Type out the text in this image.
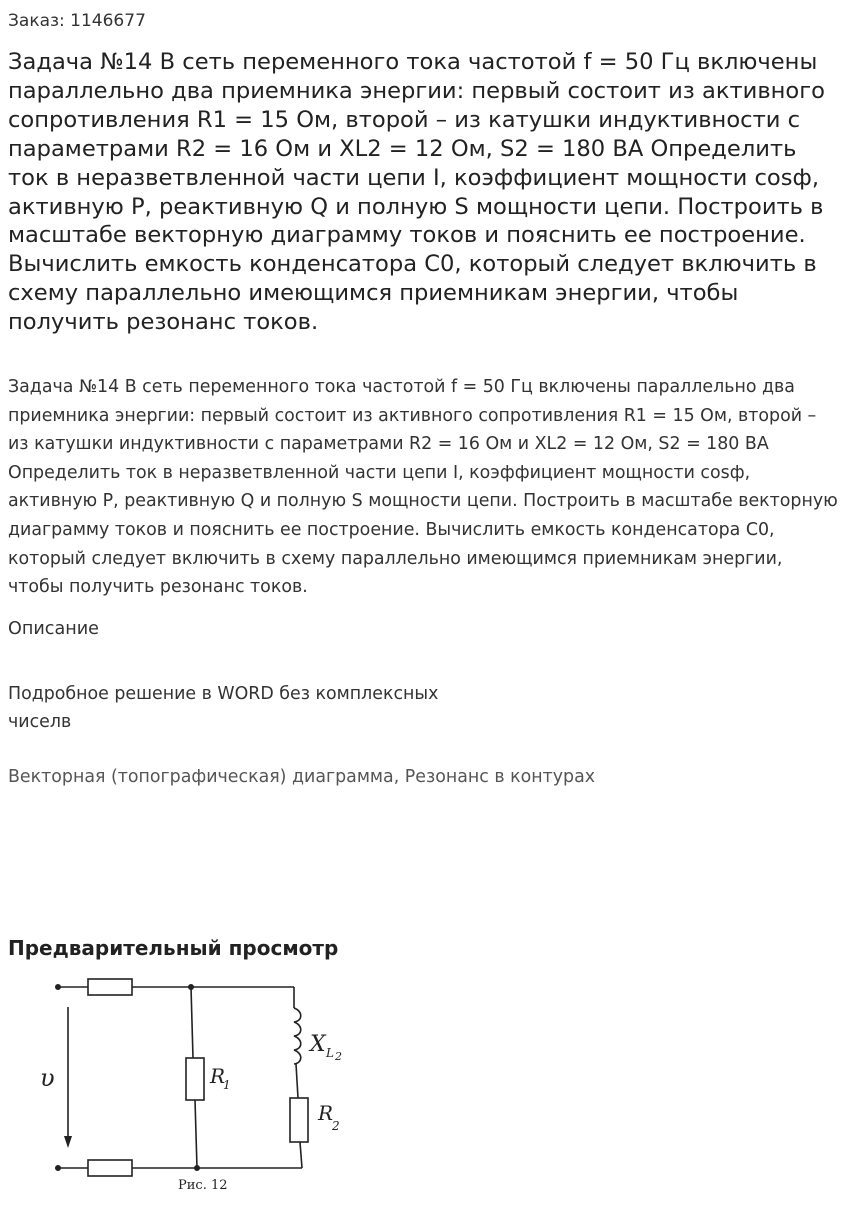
Заказ: 1146677
Задача №14 В сеть переменного тока частотой f = 50 Гц включены параллельно два приемника энергии: первый состоит из активного сопротивления R1 = 15 Ом, второй – из катушки индуктивности с параметрами R2 = 16 Ом и XL2 = 12 Ом, S2 = 180 ВА Определить ток в неразветвленной части цепи I, коэффициент мощности cosф, активную P, реактивную Q и полную S мощности цепи. Построить в масштабе векторную диаграмму токов и пояснить ее построение. Вычислить емкость конденсатора C0, который следует включить в схему параллельно имеющимся приемникам энергии, чтобы получить резонанс токов.

Задача №14 В сеть переменного тока частотой f = 50 Гц включены параллельно два приемника энергии: первый состоит из активного сопротивления R1 = 15 Ом, второй – из катушки индуктивности с параметрами R2 = 16 Ом и XL2 = 12 Ом, S2 = 180 ВА Определить ток в неразветвленной части цепи I, коэффициент мощности cosф, активную P, реактивную Q и полную S мощности цепи. Построить в масштабе векторную диаграмму токов и пояснить ее построение. Вычислить емкость конденсатора C0, который следует включить в схему параллельно имеющимся приемникам энергии, чтобы получить резонанс токов.

Описание

Подробное решение в WORD без комплексных чиселв

Векторная (топографическая) диаграмма, Резонанс в контурах
Предварительный просмотр
υ	R
1
X L 2
R
2
Рис. 12
